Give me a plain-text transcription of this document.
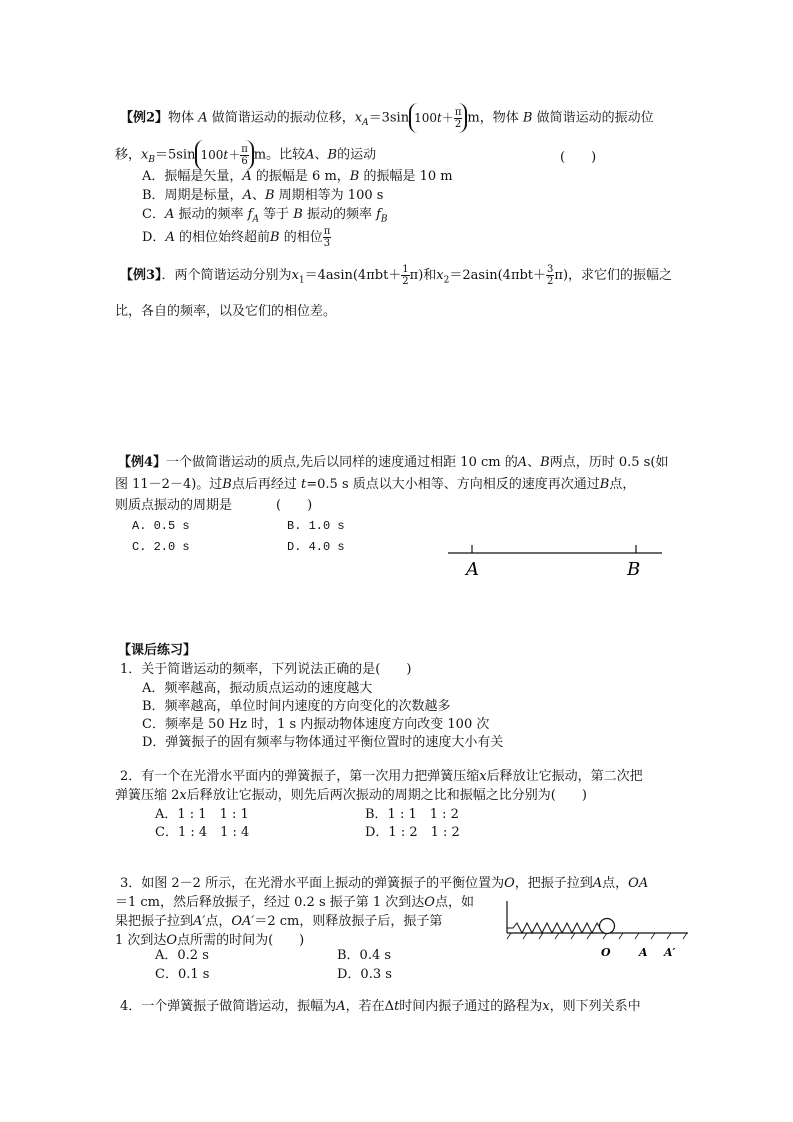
【例2】物体 A 做简谐运动的振动位移，$x_A=3\sin$ $100t+ \frac{\pi}{2}$ m，物体 B 做简谐运动的振动位
移，$x_B=5\sin$ $100t+ \frac{\pi}{6}$ m。比较A、B的运动	(　　)
A．振幅是矢量，A 的振幅是 6 m，B 的振幅是 10 m
B．周期是标量，A、B 周期相等为 100 s
C．A 振动的频率 $f_A$ 等于 B 振动的频率 $f_B$
D．A 的相位始终超前B 的相位 $\frac{\pi}{3}$
【例3】．两个简谐运动分别为$x_1=4asin(4\pi bt+ \frac{1}{2} \pi)$和$x_2=2asin(4\pi bt+ \frac{3}{2} \pi)$，求它们的振幅之
比，各自的频率，以及它们的相位差。
【例4】一个做简谐运动的质点,先后以同样的速度通过相距 10 cm 的A、B两点，历时 0.5 s(如
图 11－2－4)。过B点后再经过 t=0.5 s 质点以大小相等、方向相反的速度再次通过B点，
则质点振动的周期是	(　　)
A. 0.5 s	B. 1.0 s
C. 2.0 s	D. 4.0 s
A	B
【课后练习】
1．关于简谐运动的频率，下列说法正确的是(　　)
A．频率越高，振动质点运动的速度越大
B．频率越高，单位时间内速度的方向变化的次数越多
C．频率是 50 Hz 时，1 s 内振动物体速度方向改变 100 次
D．弹簧振子的固有频率与物体通过平衡位置时的速度大小有关
2．有一个在光滑水平面内的弹簧振子，第一次用力把弹簧压缩x后释放让它振动，第二次把
弹簧压缩 2x后释放让它振动，则先后两次振动的周期之比和振幅之比分别为(　　)
A．1 : 1　1 : 1	B．1 : 1　1 : 2
C．1 : 4　1 : 4	D．1 : 2　1 : 2
3．如图 2－2 所示，在光滑水平面上振动的弹簧振子的平衡位置为O，把振子拉到A点，OA
＝1 cm，然后释放振子，经过 0.2 s 振子第 1 次到达O点，如
果把振子拉到A′点，OA′＝2 cm，则释放振子后，振子第
1 次到达O点所需的时间为(　　)
A．0.2 s	B．0.4 s
C．0.1 s	D．0.3 s
O	A A′
4．一个弹簧振子做简谐运动，振幅为A，若在Δt时间内振子通过的路程为x，则下列关系中
